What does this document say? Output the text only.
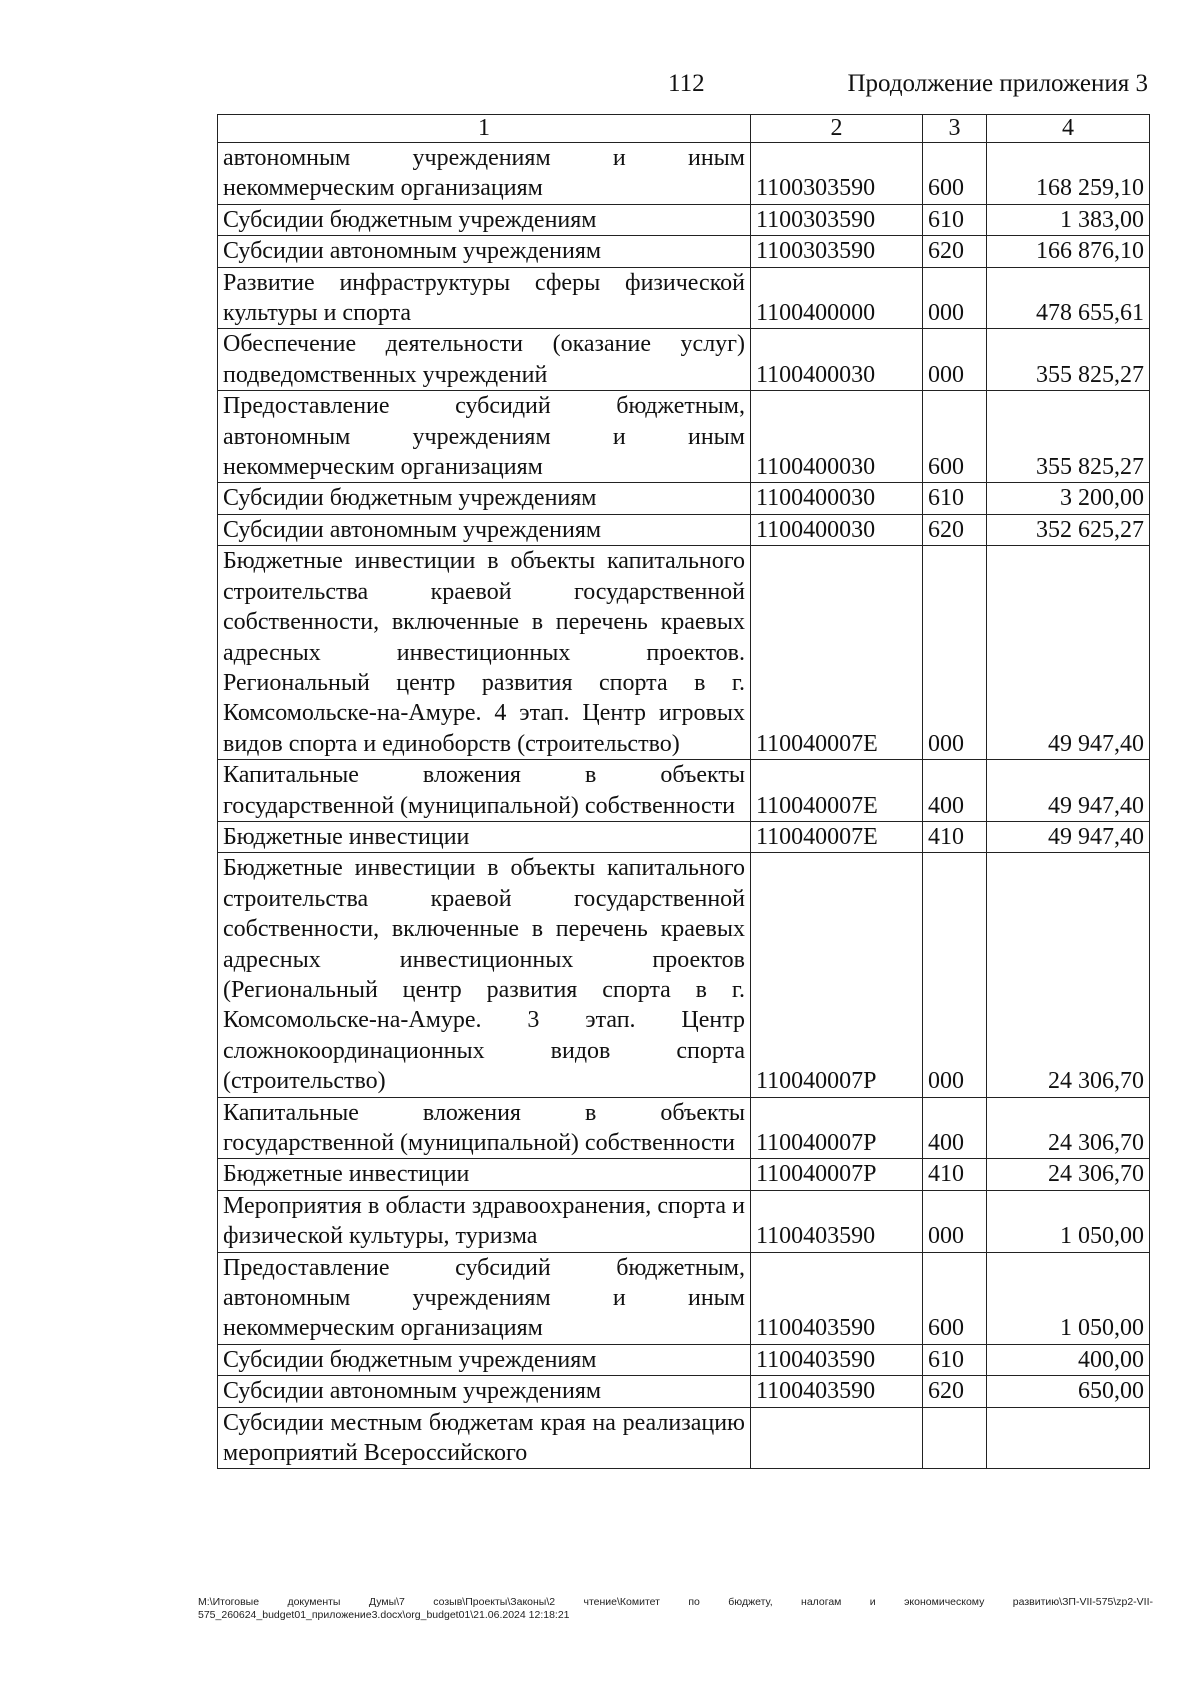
112	Продолжение приложения 3
1	2	3	4
автономным учреждениям и иным некоммерческим организациям	1100303590	600	168 259,10
Субсидии бюджетным учреждениям	1100303590	610	1 383,00
Субсидии автономным учреждениям	1100303590	620	166 876,10
Развитие инфраструктуры сферы физической культуры и спорта	1100400000	000	478 655,61
Обеспечение деятельности (оказание услуг) подведомственных учреждений	1100400030	000	355 825,27
Предоставление субсидий бюджетным, автономным учреждениям и иным некоммерческим организациям	1100400030	600	355 825,27
Субсидии бюджетным учреждениям	1100400030	610	3 200,00
Субсидии автономным учреждениям	1100400030	620	352 625,27
Бюджетные инвестиции в объекты капитального строительства краевой государственной собственности, включенные в перечень краевых адресных инвестиционных проектов. Региональный центр развития спорта в г. Комсомольске-на-Амуре. 4 этап. Центр игровых видов спорта и единоборств (строительство)	110040007Е	000	49 947,40
Капитальные вложения в объекты государственной (муниципальной) собственности	110040007Е	400	49 947,40
Бюджетные инвестиции	110040007Е	410	49 947,40
Бюджетные инвестиции в объекты капитального строительства краевой государственной собственности, включенные в перечень краевых адресных инвестиционных проектов (Региональный центр развития спорта в г. Комсомольске-на-Амуре. 3 этап. Центр сложнокоординационных видов спорта (строительство)	110040007Р	000	24 306,70
Капитальные вложения в объекты государственной (муниципальной) собственности	110040007Р	400	24 306,70
Бюджетные инвестиции	110040007Р	410	24 306,70
Мероприятия в области здравоохранения, спорта и физической культуры, туризма	1100403590	000	1 050,00
Предоставление субсидий бюджетным, автономным учреждениям и иным некоммерческим организациям	1100403590	600	1 050,00
Субсидии бюджетным учреждениям	1100403590	610	400,00
Субсидии автономным учреждениям	1100403590	620	650,00
Субсидии местным бюджетам края на реализацию мероприятий Всероссийского			
M:\Итоговые документы Думы\7 созыв\Проекты\Законы\2 чтение\Комитет по бюджету, налогам и экономическому развитию\ЗП-VII-575\zp2-VII-575_260624_budget01_приложение3.docx\org_budget01\21.06.2024 12:18:21
